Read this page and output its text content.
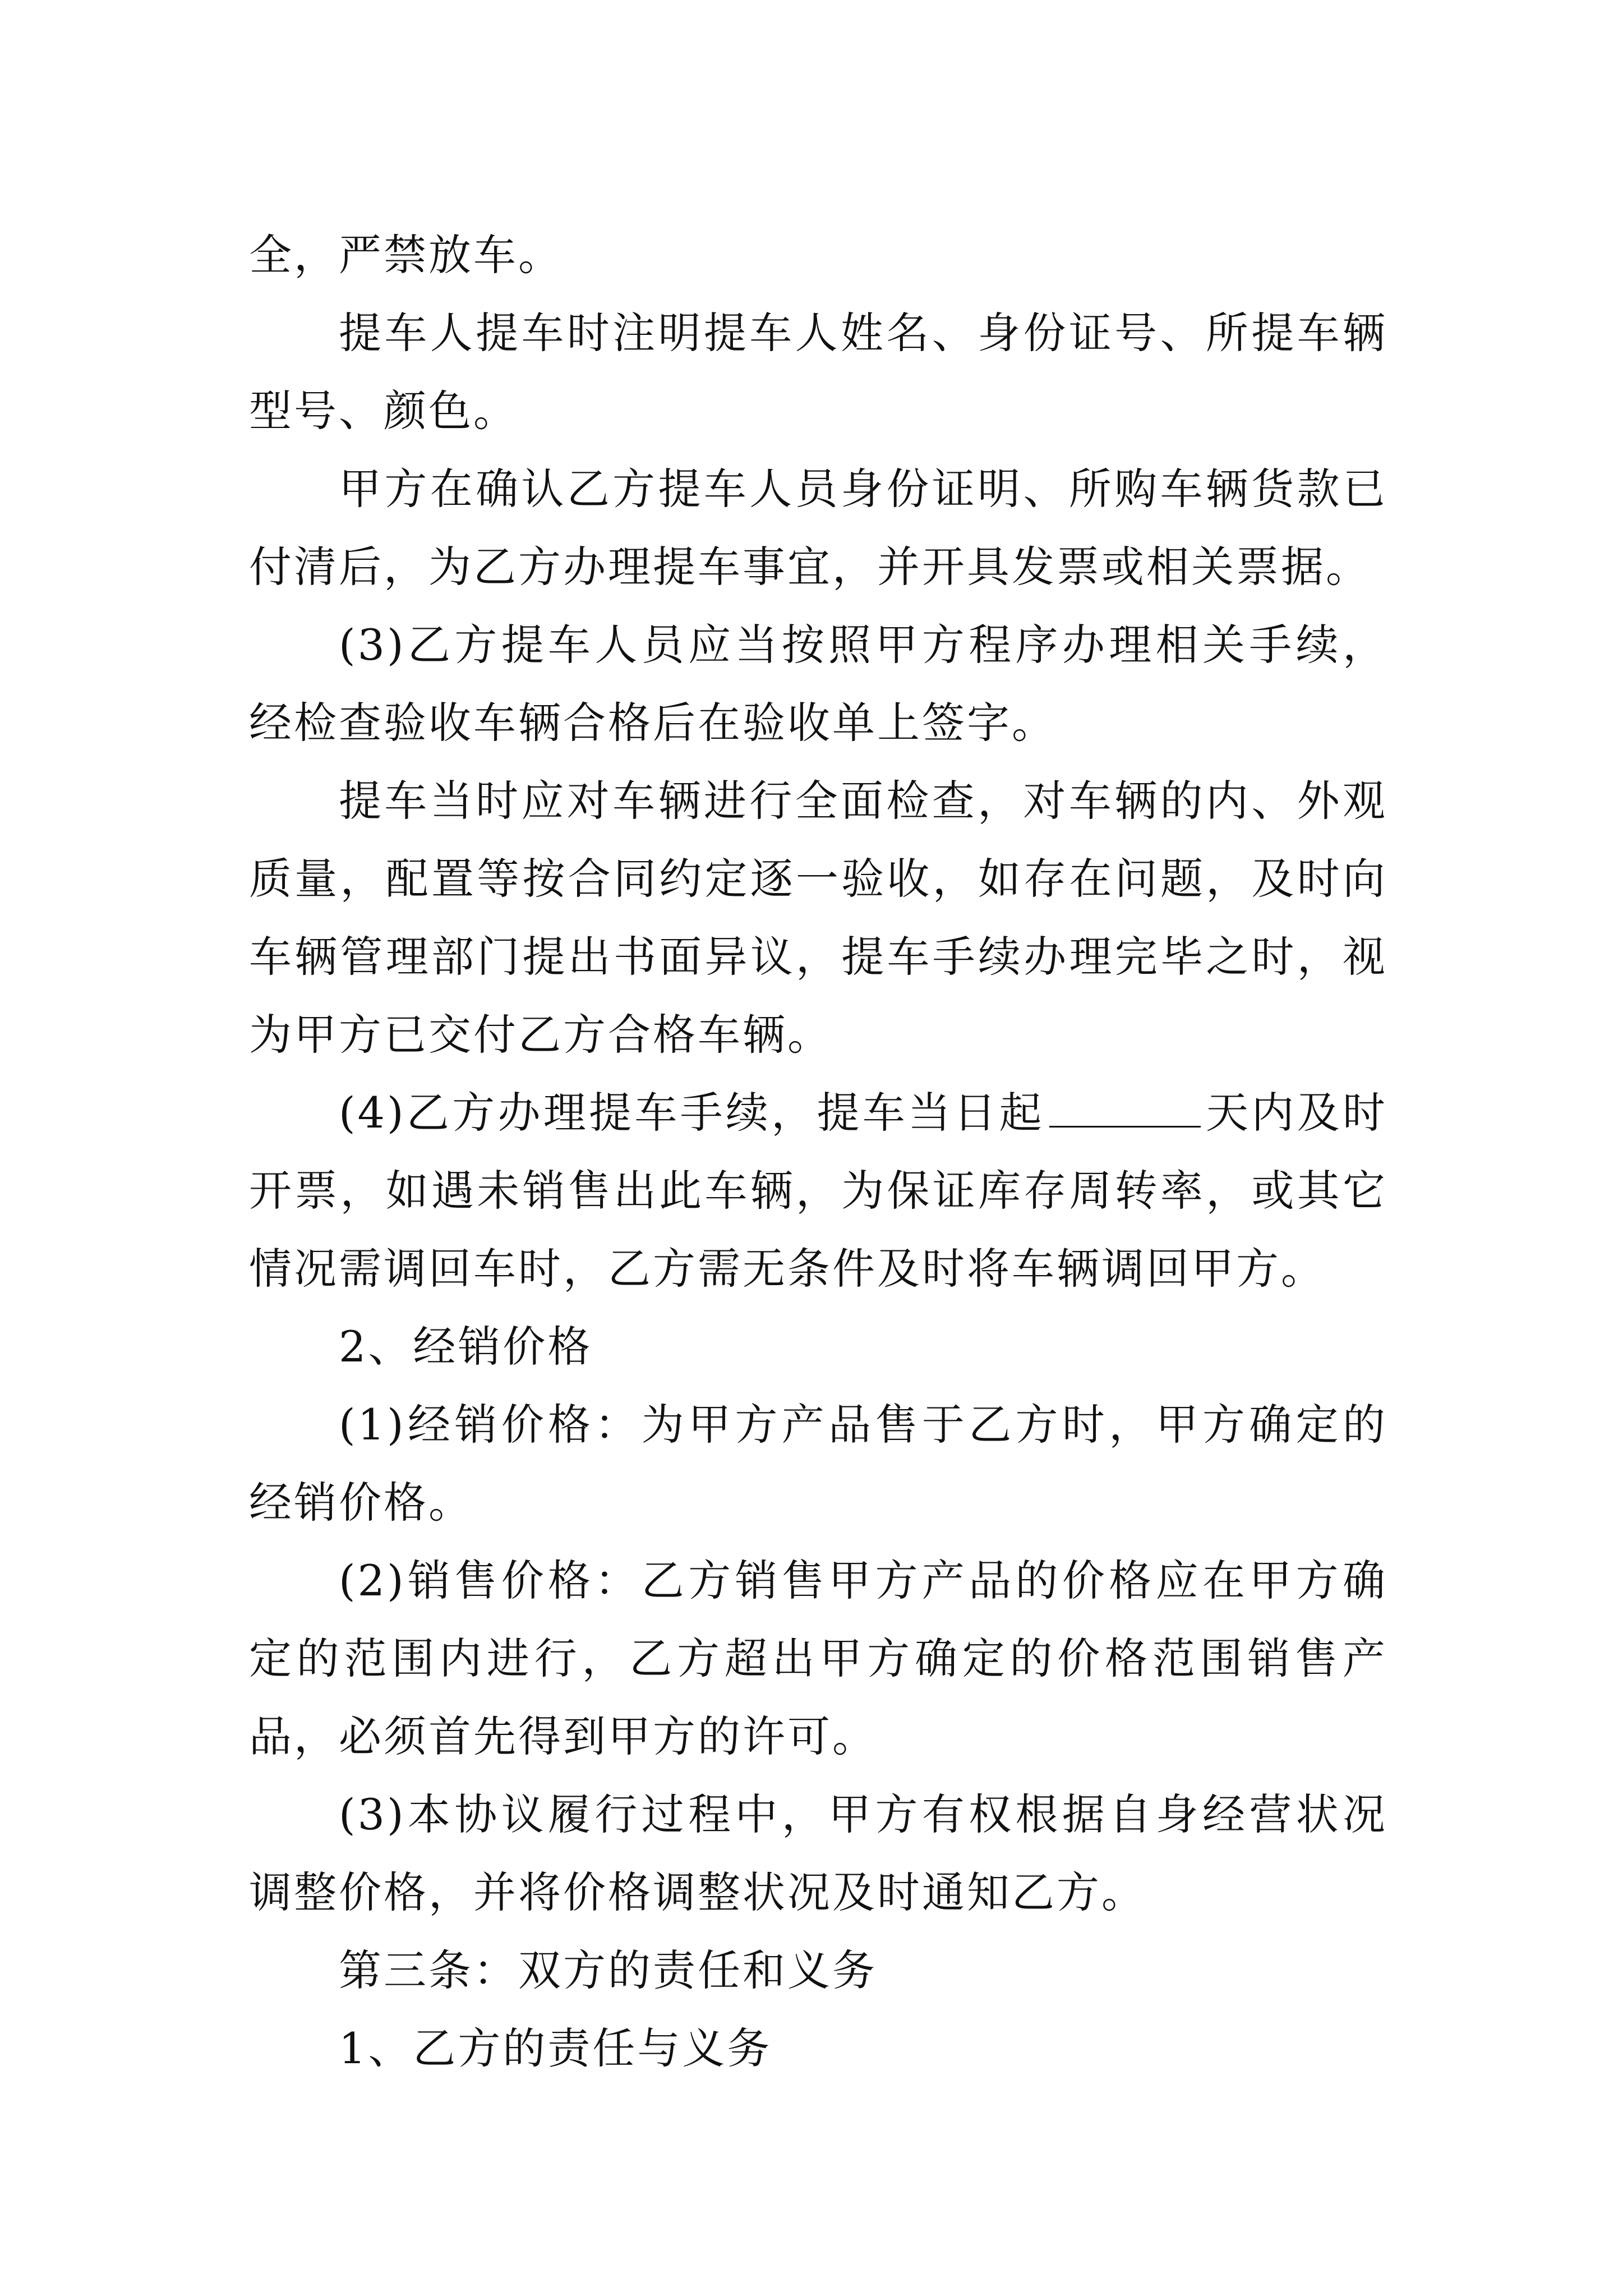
全，严禁放车。

提车人提车时注明提车人姓名、身份证号、所提车辆型号、颜色。

甲方在确认乙方提车人员身份证明、所购车辆货款已付清后，为乙方办理提车事宜，并开具发票或相关票据。

(3)乙方提车人员应当按照甲方程序办理相关手续，经检查验收车辆合格后在验收单上签字。

提车当时应对车辆进行全面检查，对车辆的内、外观质量，配置等按合同约定逐一验收，如存在问题，及时向车辆管理部门提出书面异议，提车手续办理完毕之时，视为甲方已交付乙方合格车辆。

(4)乙方办理提车手续，提车当日起	天内及时开票，如遇未销售出此车辆，为保证库存周转率，或其它情况需调回车时，乙方需无条件及时将车辆调回甲方。

2、经销价格

(1)经销价格：为甲方产品售于乙方时，甲方确定的经销价格。

(2)销售价格：乙方销售甲方产品的价格应在甲方确定的范围内进行，乙方超出甲方确定的价格范围销售产品，必须首先得到甲方的许可。

(3)本协议履行过程中，甲方有权根据自身经营状况调整价格，并将价格调整状况及时通知乙方。

第三条：双方的责任和义务

1、乙方的责任与义务
